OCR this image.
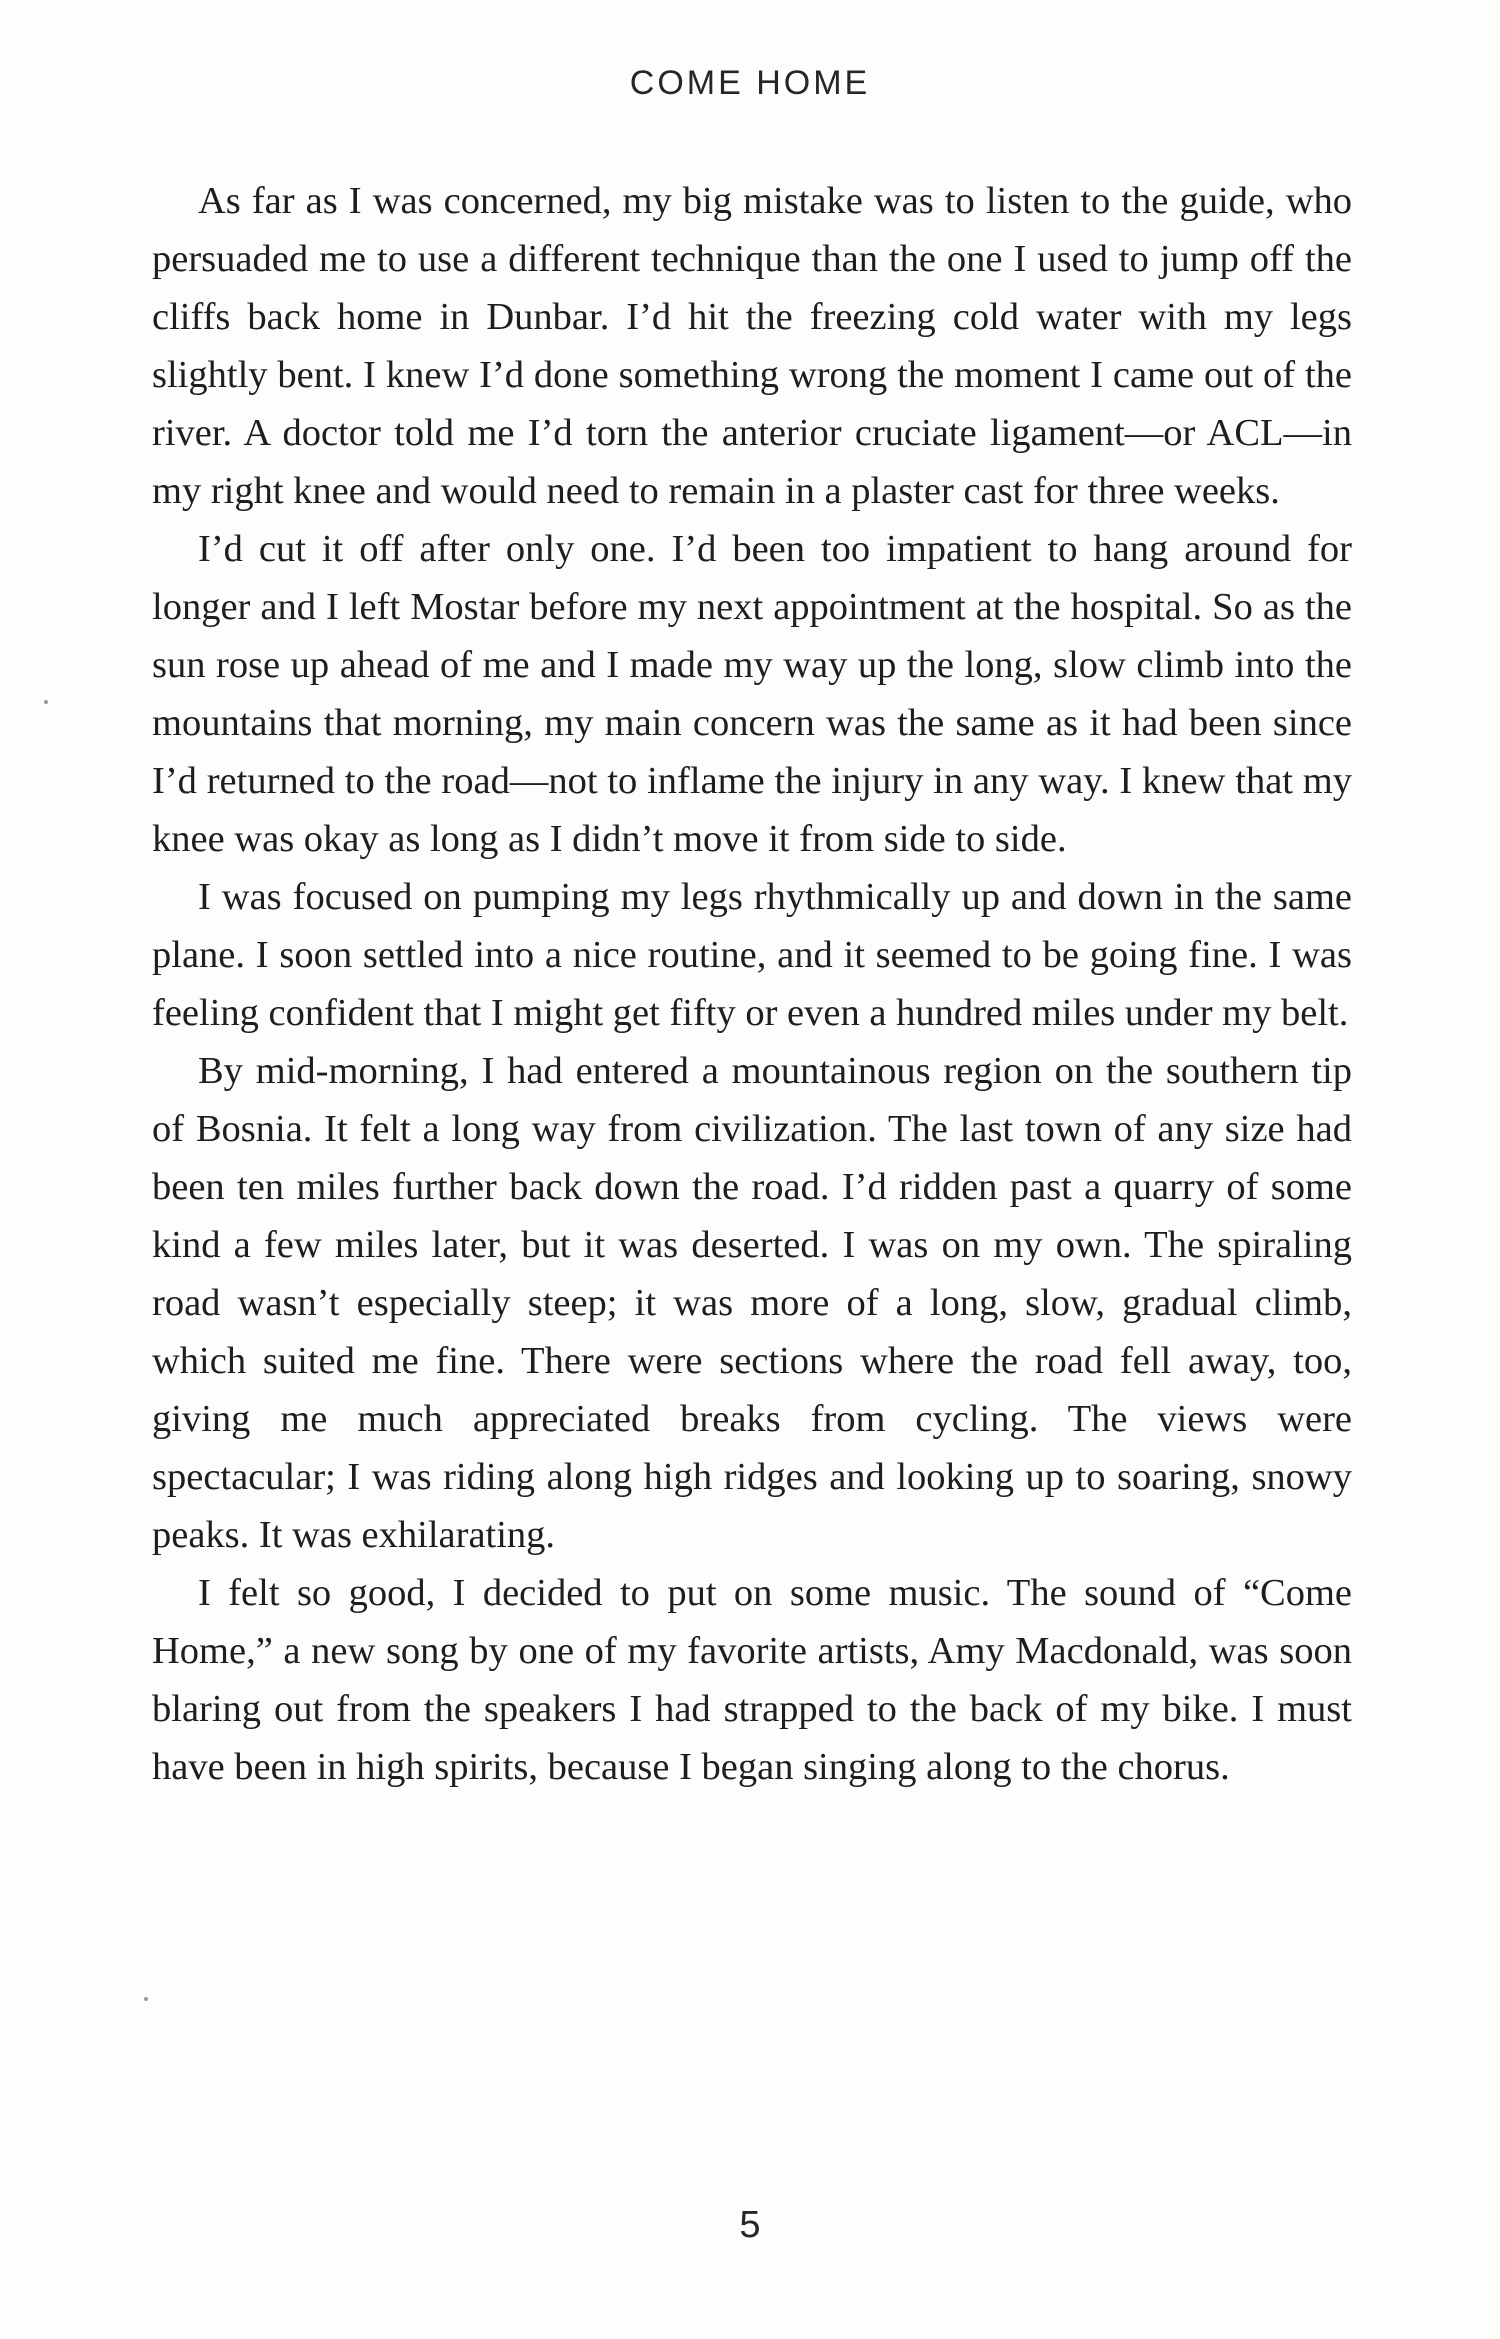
COME HOME

As far as I was concerned, my big mistake was to listen to the guide, who persuaded me to use a different technique than the one I used to jump off the cliffs back home in Dunbar. I’d hit the freezing cold water with my legs slightly bent. I knew I’d done something wrong the moment I came out of the river. A doctor told me I’d torn the anterior cruciate ligament—or ACL—in my right knee and would need to remain in a plaster cast for three weeks.

I’d cut it off after only one. I’d been too impatient to hang around for longer and I left Mostar before my next appointment at the hospital. So as the sun rose up ahead of me and I made my way up the long, slow climb into the mountains that morning, my main concern was the same as it had been since I’d returned to the road—not to inflame the injury in any way. I knew that my knee was okay as long as I didn’t move it from side to side.

I was focused on pumping my legs rhythmically up and down in the same plane. I soon settled into a nice routine, and it seemed to be going fine. I was feeling confident that I might get fifty or even a hundred miles under my belt.

By mid-morning, I had entered a mountainous region on the southern tip of Bosnia. It felt a long way from civilization. The last town of any size had been ten miles further back down the road. I’d ridden past a quarry of some kind a few miles later, but it was deserted. I was on my own. The spiraling road wasn’t especially steep; it was more of a long, slow, gradual climb, which suited me fine. There were sections where the road fell away, too, giving me much appreciated breaks from cycling. The views were spectacular; I was riding along high ridges and looking up to soaring, snowy peaks. It was exhilarating.

I felt so good, I decided to put on some music. The sound of “Come Home,” a new song by one of my favorite artists, Amy Macdonald, was soon blaring out from the speakers I had strapped to the back of my bike. I must have been in high spirits, because I began singing along to the chorus.

5
